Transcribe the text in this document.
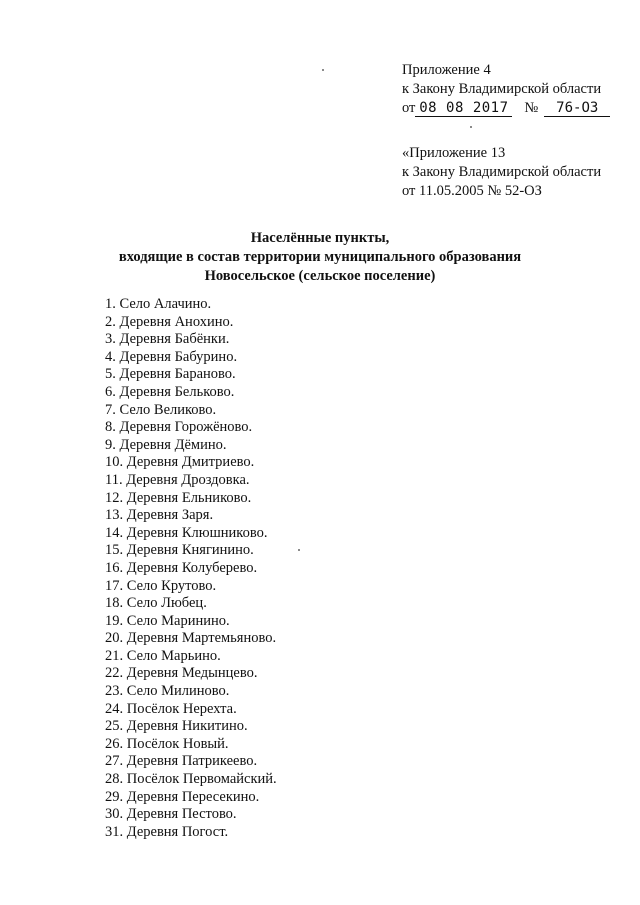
Приложение 4
к Закону Владимирской области
от 08 08 2017 № 76-ОЗ
«Приложение 13
к Закону Владимирской области
от 11.05.2005 № 52-ОЗ
Населённые пункты,
входящие в состав территории муниципального образования
Новосельское (сельское поселение)
1. Село Алачино.
2. Деревня Анохино.
3. Деревня Бабёнки.
4. Деревня Бабурино.
5. Деревня Бараново.
6. Деревня Бельково.
7. Село Великово.
8. Деревня Горожёново.
9. Деревня Дёмино.
10. Деревня Дмитриево.
11. Деревня Дроздовка.
12. Деревня Ельниково.
13. Деревня Заря.
14. Деревня Клюшниково.
15. Деревня Княгинино.
16. Деревня Колуберево.
17. Село Крутово.
18. Село Любец.
19. Село Маринино.
20. Деревня Мартемьяново.
21. Село Марьино.
22. Деревня Медынцево.
23. Село Милиново.
24. Посёлок Нерехта.
25. Деревня Никитино.
26. Посёлок Новый.
27. Деревня Патрикеево.
28. Посёлок Первомайский.
29. Деревня Пересекино.
30. Деревня Пестово.
31. Деревня Погост.
